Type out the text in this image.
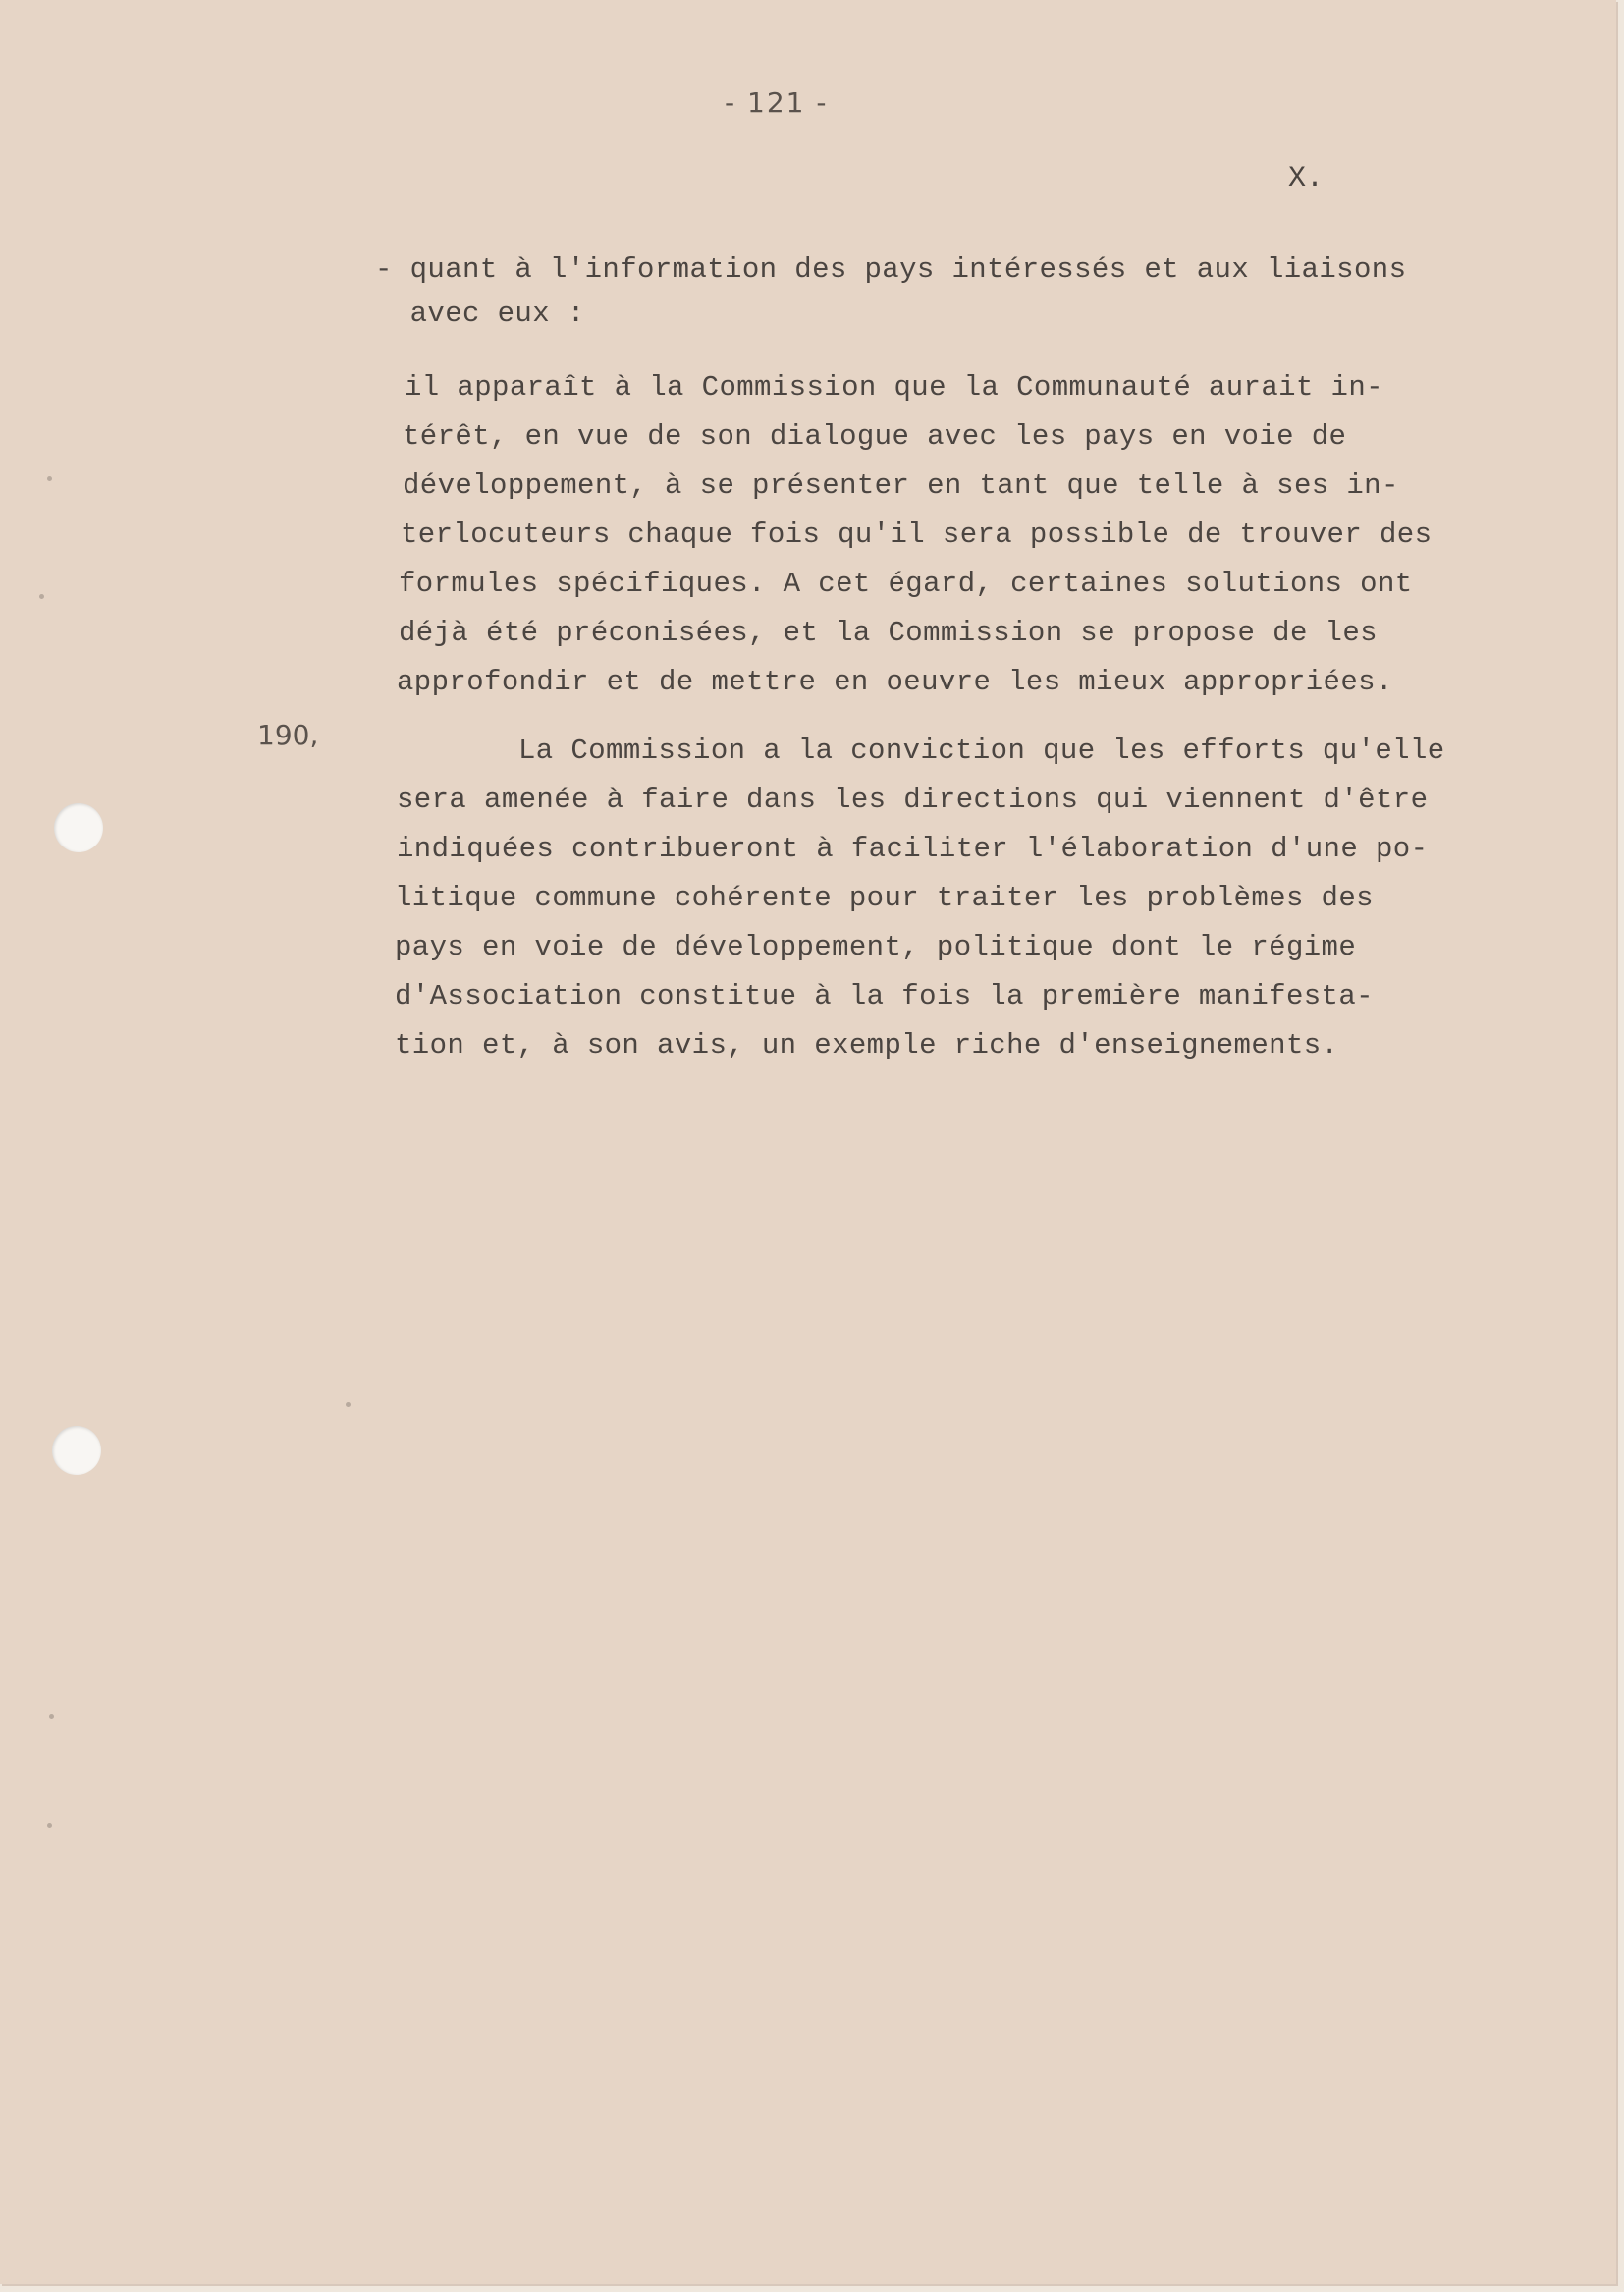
- 121 -
X.
- quant à l'information des pays intéressés et aux liaisons
avec eux :
il apparaît à la Commission que la Communauté aurait in-
térêt, en vue de son dialogue avec les pays en voie de
développement, à se présenter en tant que telle à ses in-
terlocuteurs chaque fois qu'il sera possible de trouver des
formules spécifiques. A cet égard, certaines solutions ont
déjà été préconisées, et la Commission se propose de les
approfondir et de mettre en oeuvre les mieux appropriées.
190,	La Commission a la conviction que les efforts qu'elle
sera amenée à faire dans les directions qui viennent d'être
indiquées contribueront à faciliter l'élaboration d'une po-
litique commune cohérente pour traiter les problèmes des
pays en voie de développement, politique dont le régime
d'Association constitue à la fois la première manifesta-
tion et, à son avis, un exemple riche d'enseignements.
